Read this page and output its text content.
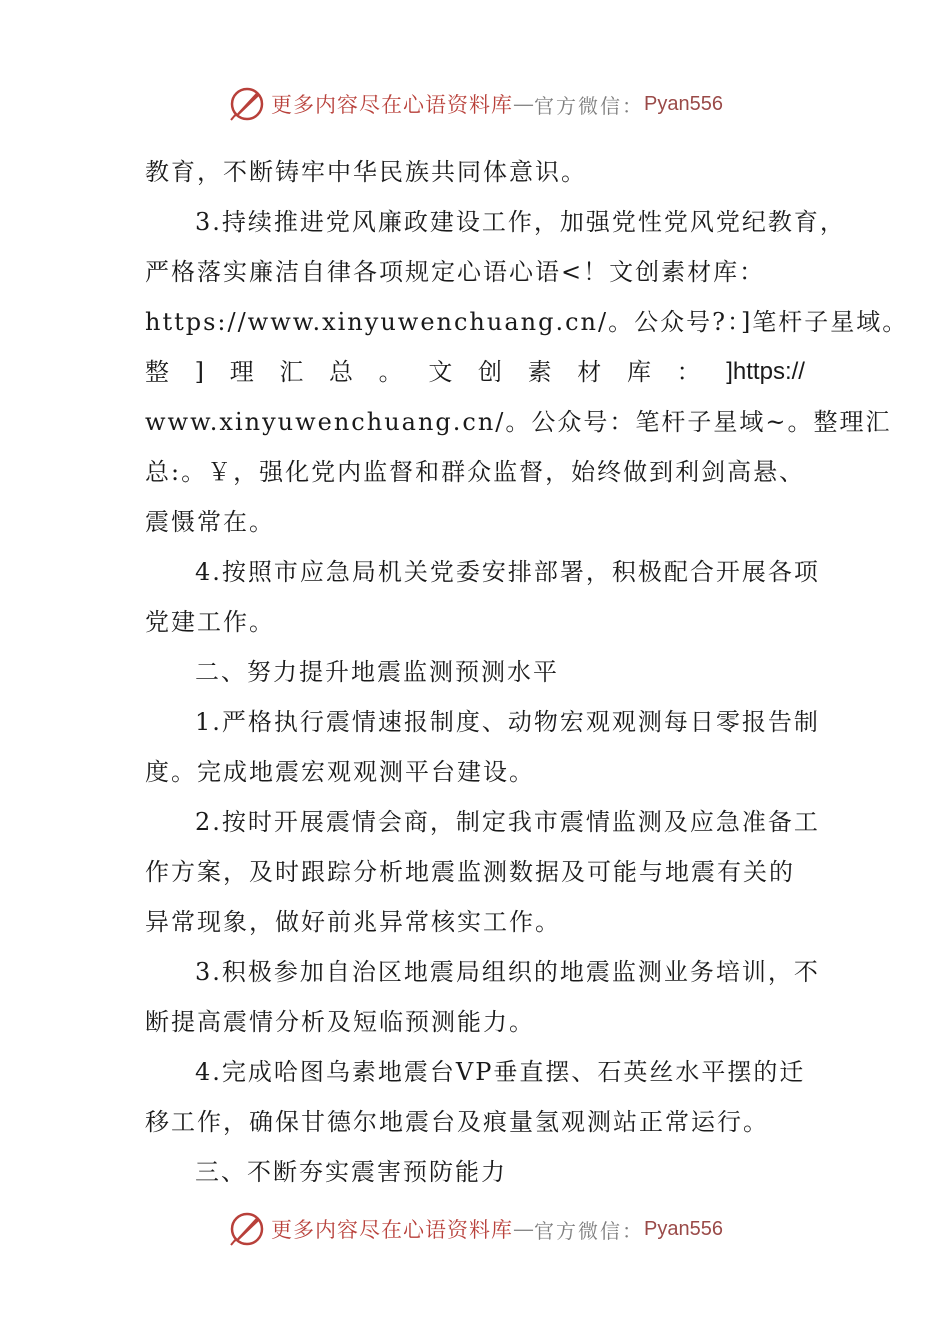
更多内容尽在心语资料库 — 官方微信： Pyan556
教育，不断铸牢中华民族共同体意识。
3.持续推进党风廉政建设工作，加强党性党风党纪教育，
严格落实廉洁自律各项规定心语心语<！文创素材库：
https://www.xinyuwenchuang.cn/。公众号?：]笔杆子星域。
整 ] 理 汇 总 。 文 创 素 材 库 ： ]https://
www.xinyuwenchuang.cn/。公众号：笔杆子星域~。整理汇
总:。￥，强化党内监督和群众监督，始终做到利剑高悬、
震慑常在。
4.按照市应急局机关党委安排部署，积极配合开展各项
党建工作。
二、努力提升地震监测预测水平
1.严格执行震情速报制度、动物宏观观测每日零报告制
度。完成地震宏观观测平台建设。
2.按时开展震情会商，制定我市震情监测及应急准备工
作方案，及时跟踪分析地震监测数据及可能与地震有关的
异常现象，做好前兆异常核实工作。
3.积极参加自治区地震局组织的地震监测业务培训，不
断提高震情分析及短临预测能力。
4.完成哈图乌素地震台VP垂直摆、石英丝水平摆的迁
移工作，确保甘德尔地震台及痕量氢观测站正常运行。
三、不断夯实震害预防能力
更多内容尽在心语资料库 — 官方微信： Pyan556
